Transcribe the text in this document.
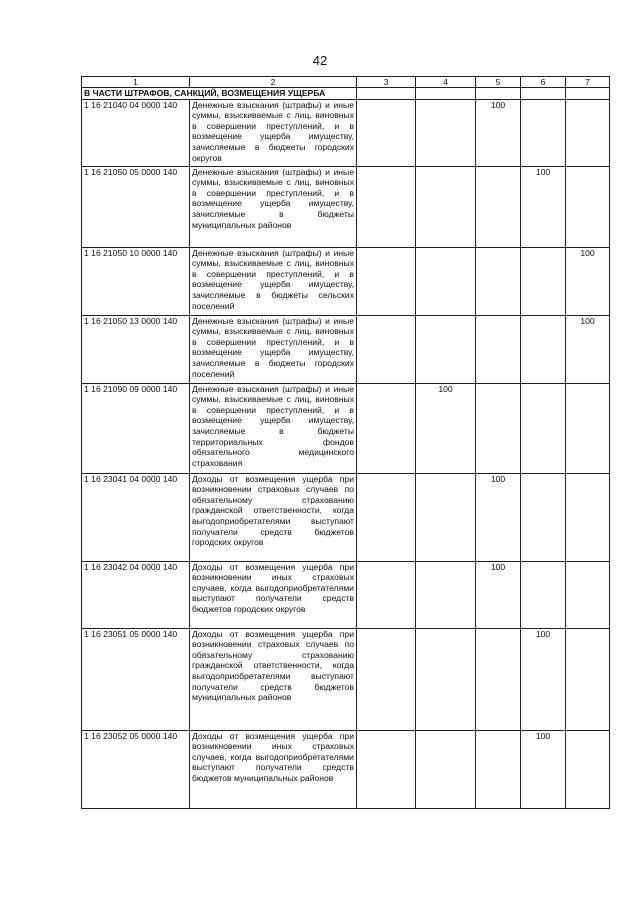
42
1	2	3	4	5	6	7
В ЧАСТИ ШТРАФОВ, САНКЦИЙ, ВОЗМЕЩЕНИЯ УЩЕРБА						
1 16 21040 04 0000 140	Денежные взыскания (штрафы) и иные суммы, взыскиваемые с лиц, виновных в совершении преступлений, и в возмещение ущерба имуществу, зачисляемые в бюджеты городских округов			100		
1 16 21050 05 0000 140	Денежные взыскания (штрафы) и иные суммы, взыскиваемые с лиц, виновных в совершении преступлений, и в возмещение ущерба имуществу, зачисляемые в бюджеты муниципальных районов				100	
1 16 21050 10 0000 140	Денежные взыскания (штрафы) и иные суммы, взыскиваемые с лиц, виновных в совершении преступлений, и в возмещение ущерба имуществу, зачисляемые в бюджеты сельских поселений					100
1 16 21050 13 0000 140	Денежные взыскания (штрафы) и иные суммы, взыскиваемые с лиц, виновных в совершении преступлений, и в возмещение ущерба имуществу, зачисляемые в бюджеты городских поселений					100
1 16 21090 09 0000 140	Денежные взыскания (штрафы) и иные суммы, взыскиваемые с лиц, виновных в совершении преступлений, и в возмещение ущерба имуществу, зачисляемые в бюджеты территориальных фондов обязательного медицинского страхования		100			
1 16 23041 04 0000 140	Доходы от возмещения ущерба при возникновении страховых случаев по обязательному страхованию гражданской ответственности, когда выгодоприобретателями выступают получатели средств бюджетов городских округов			100		
1 16 23042 04 0000 140	Доходы от возмещения ущерба при возникновении иных страховых случаев, когда выгодоприобретателями выступают получатели средств бюджетов городских округов			100		
1 16 23051 05 0000 140	Доходы от возмещения ущерба при возникновении страховых случаев по обязательному страхованию гражданской ответственности, когда выгодоприобретателями выступают получатели средств бюджетов муниципальных районов				100	
1 16 23052 05 0000 140	Доходы от возмещения ущерба при возникновении иных страховых случаев, когда выгодоприобретателями выступают получатели средств бюджетов муниципальных районов				100	
